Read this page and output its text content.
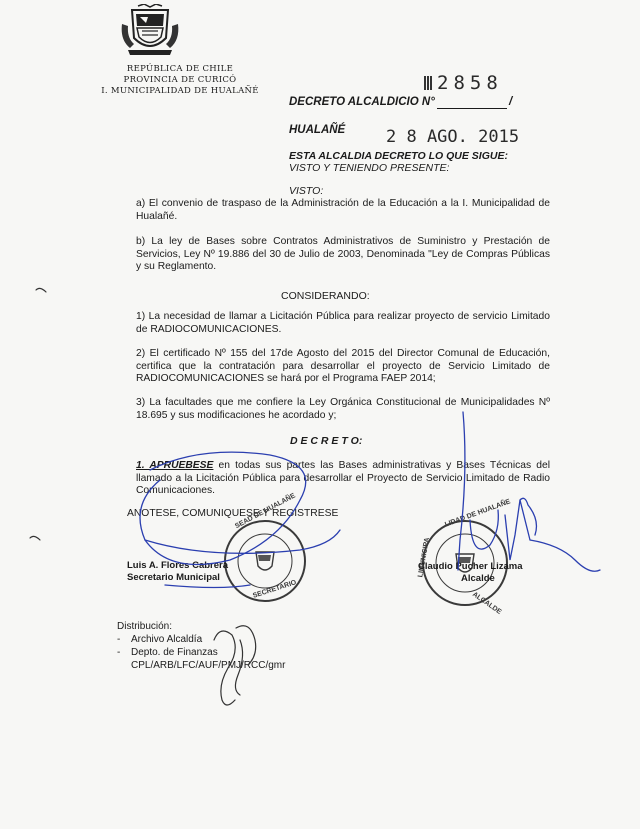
REPÚBLICA DE CHILE
PROVINCIA DE CURICÓ
I. MUNICIPALIDAD DE HUALAÑÉ	2858
DECRETO ALCALDICIO N°	/
HUALAÑÉ 2 8 AGO. 2015
ESTA ALCALDIA DECRETO LO QUE SIGUE:
VISTO Y TENIENDO PRESENTE:
VISTO:
a) El convenio de traspaso de la Administración de la Educación a la I. Municipalidad de Hualañé.
b) La ley de Bases sobre Contratos Administrativos de Suministro y Prestación de Servicios, Ley Nº 19.886 del 30 de Julio de 2003, Denominada "Ley de Compras Públicas y su Reglamento.
CONSIDERANDO:
1) La necesidad de llamar a Licitación Pública para realizar proyecto de servicio Limitado de RADIOCOMUNICACIONES.
2) El certificado Nº 155 del 17de Agosto del 2015 del Director Comunal de Educación, certifica que la contratación para desarrollar el proyecto de Servicio Limitado de RADIOCOMUNICACIONES se hará por el Programa FAEP 2014;
3) La facultades que me confiere la Ley Orgánica Constitucional de Municipalidades Nº 18.695 y sus modificaciones he acordado y;
D E C R E T O:
1. APRUEBESE en todas sus partes las Bases administrativas y Bases Técnicas del llamado a la Licitación Pública para desarrollar el Proyecto de Servicio Limitado de Radio Comunicaciones.
ANOTESE, COMUNIQUESE Y REGISTRESE
SEAD DE HUALAÑE
SECRETARIO
LIDAD DE HUALAÑE
LIMUNICIPA
ALCALDE
Luis A. Flores Cabrera
Secretario Municipal
Claudio Pucher Lizama
Alcalde
Distribución:
- Archivo Alcaldía
- Depto. de Finanzas
CPL/ARB/LFC/AUF/PMJ/RCC/gmr
